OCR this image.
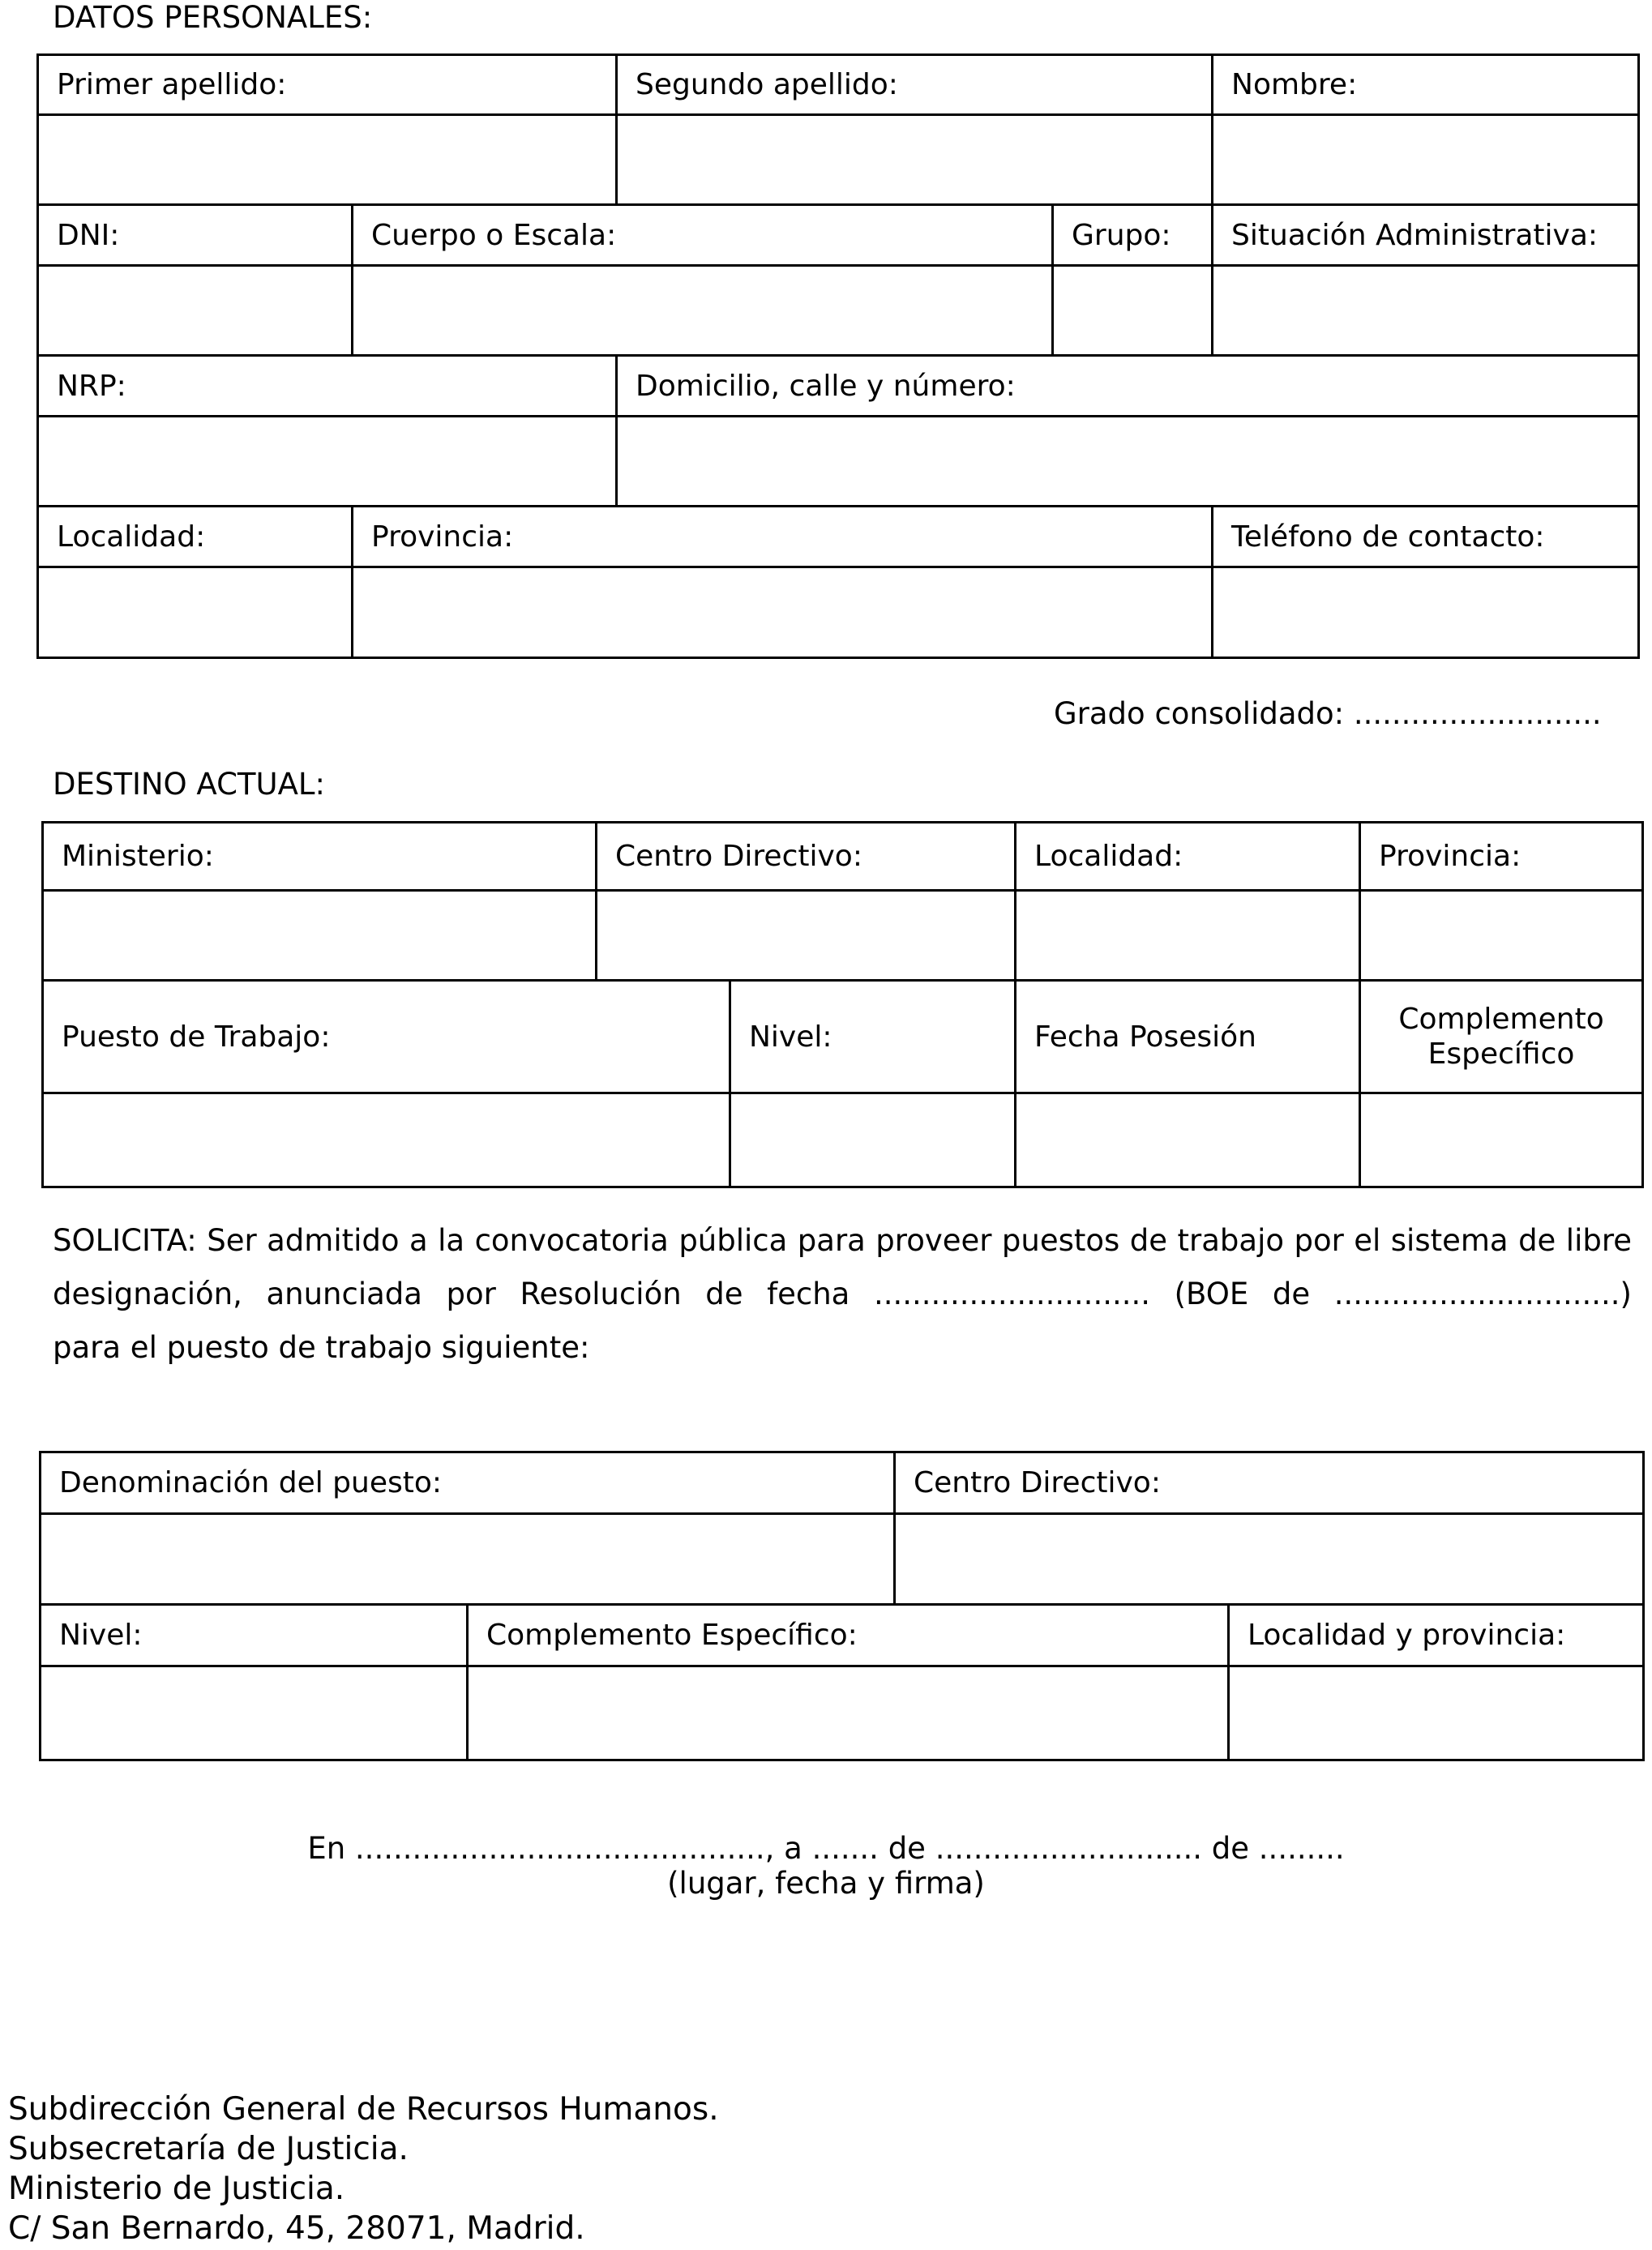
DATOS PERSONALES:
Primer apellido:		Segundo apellido:		Nombre:

DNI:	Cuerpo o Escala:		Grupo:	Situación Administrativa:

NRP:		Domicilio, calle y número:		

Localidad:	Provincia:			Teléfono de contacto:

Grado consolidado: ..........................
DESTINO ACTUAL:
Ministerio:	Centro Directivo:		Localidad:	Provincia:

Puesto de Trabajo:		Nivel:	Fecha Posesión	Complemento Específico

SOLICITA: Ser admitido a la convocatoria pública para proveer puestos de trabajo por el sistema de libre
designación, anunciada por Resolución de fecha ............................. (BOE de ..............................)
para el puesto de trabajo siguiente:
Denominación del puesto:		Centro Directivo:	

Nivel:	Complemento Específico:		Localidad y provincia:

En ..........................................., a ....... de ............................ de .........
(lugar, fecha y firma)
Subdirección General de Recursos Humanos.
Subsecretaría de Justicia.
Ministerio de Justicia.
C/ San Bernardo, 45, 28071, Madrid.
